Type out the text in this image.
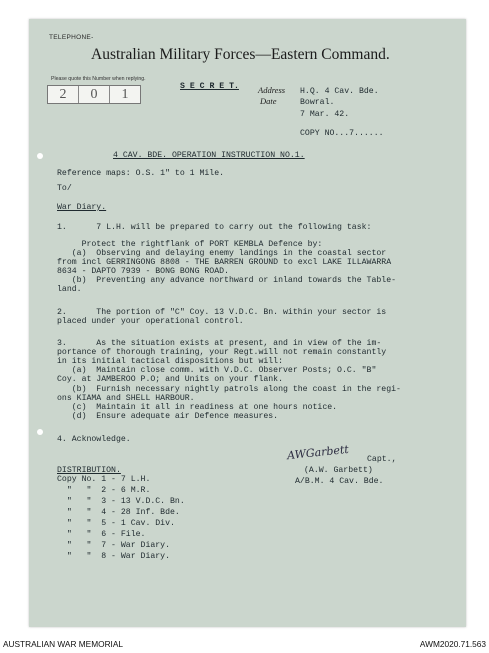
TELEPHONE-
Australian Military Forces—Eastern Command.
Please quote this Number when replying.
2	0	1
S E C R E T. Address
Date
H.Q. 4 Cav. Bde.
Bowral.
7 Mar. 42.
COPY NO...7......
4 CAV. BDE. OPERATION INSTRUCTION NO.1.
Reference maps: O.S. 1" to 1 Mile.
To/
War Diary.
1.      7 L.H. will be prepared to carry out the following task:
Protect the rightflank of PORT KEMBLA Defence by:
(a)  Observing and delaying enemy landings in the coastal sector
from incl GERRINGONG 8808 - THE BARREN GROUND to excl LAKE ILLAWARRA
8634 - DAPTO 7939 - BONG BONG ROAD.
(b)  Preventing any advance northward or inland towards the Table-
land.
2.      The portion of "C" Coy. 13 V.D.C. Bn. within your sector is
placed under your operational control.
3.      As the situation exists at present, and in view of the im-
portance of thorough training, your Regt.will not remain constantly
in its initial tactical dispositions but will:
(a)  Maintain close comm. with V.D.C. Observer Posts; O.C. "B"
Coy. at JAMBEROO P.O; and Units on your flank.
(b)  Furnish necessary nightly patrols along the coast in the regi-
ons KIAMA and SHELL HARBOUR.
(c)  Maintain it all in readiness at one hours notice.
(d)  Ensure adequate air Defence measures.
4. Acknowledge.
AWGarbett Capt.,
(A.W. Garbett)
A/B.M. 4 Cav. Bde.
DISTRIBUTION.
Copy No. 1 - 7 L.H.
"   "  2 - 6 M.R.
"   "  3 - 13 V.D.C. Bn.
"   "  4 - 28 Inf. Bde.
"   "  5 - 1 Cav. Div.
"   "  6 - File.
"   "  7 - War Diary.
"   "  8 - War Diary.
AUSTRALIAN WAR MEMORIAL	AWM2020.71.563
